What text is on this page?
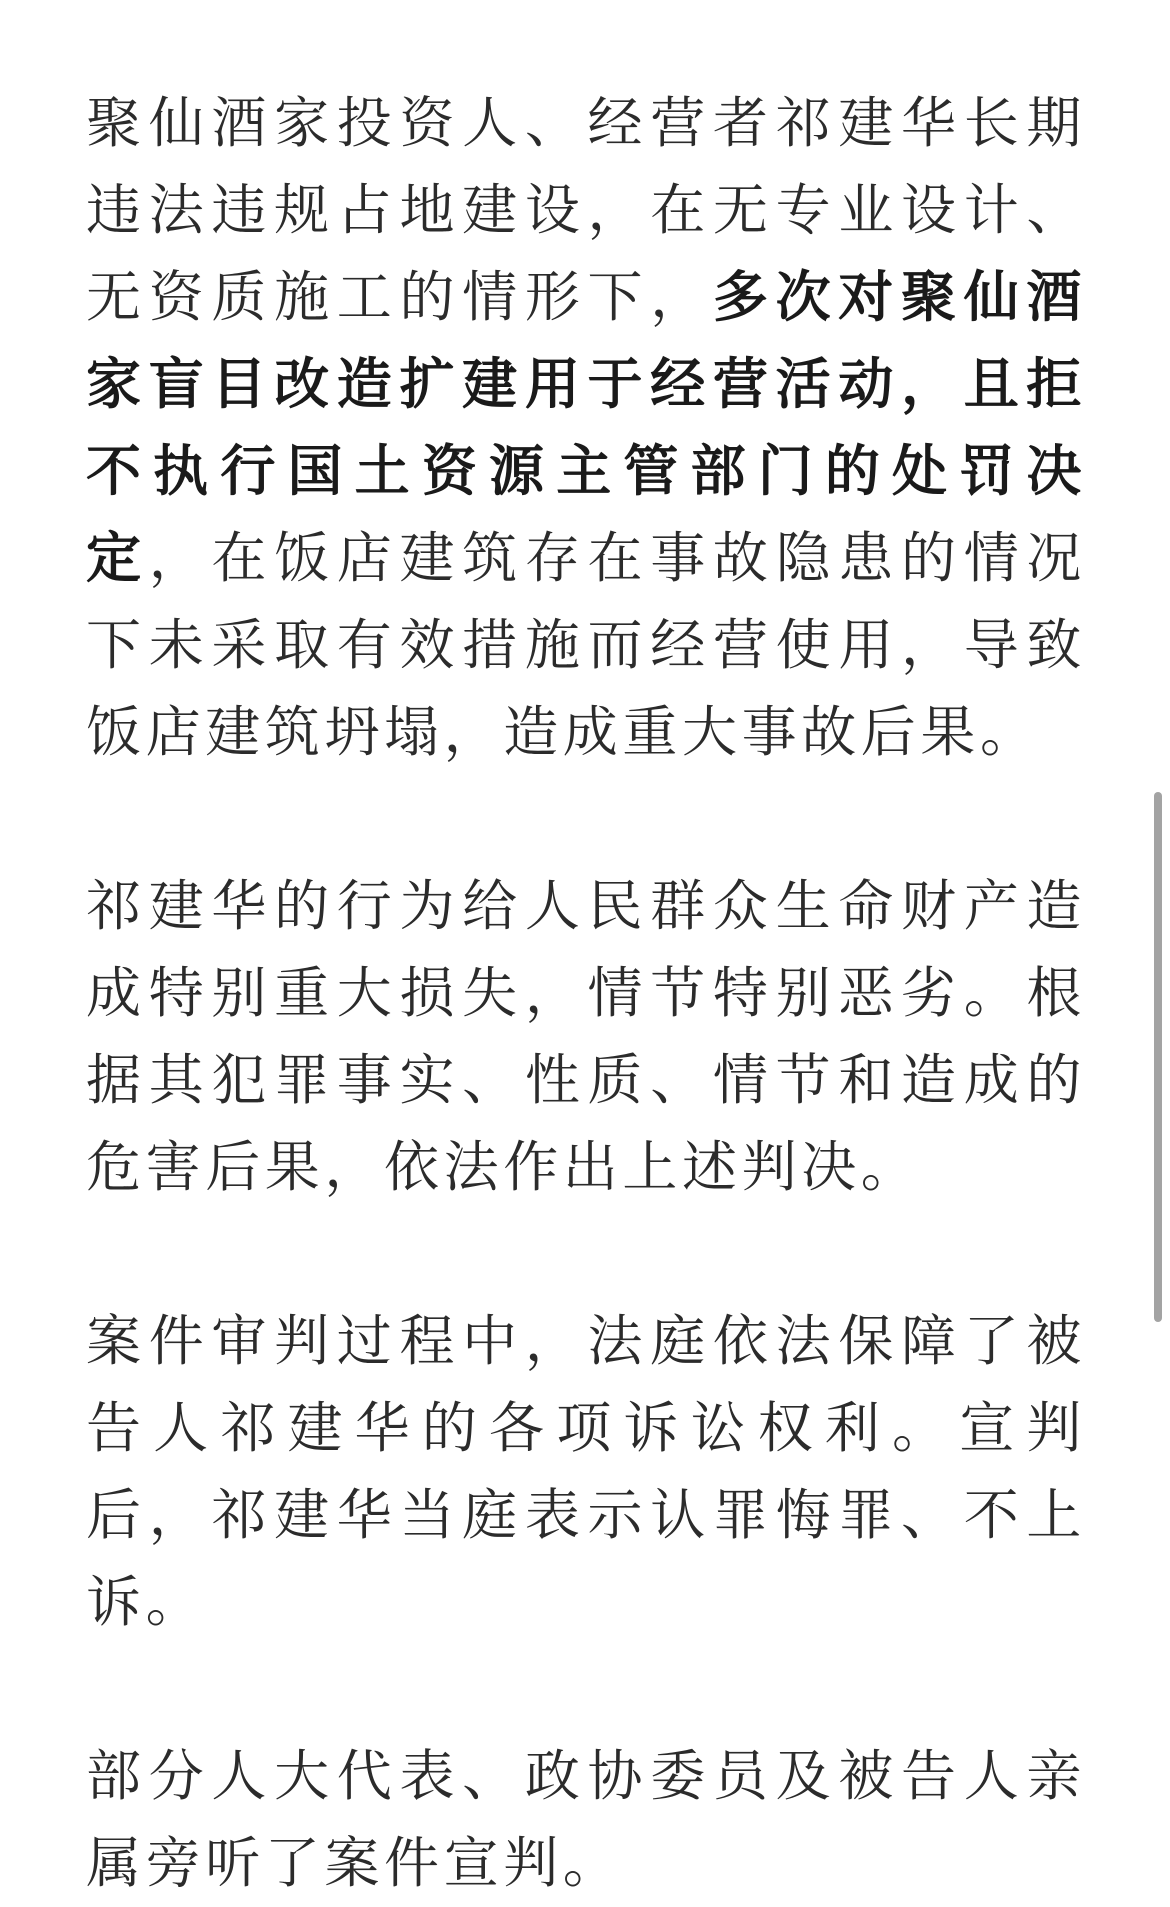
聚仙酒家投资人、经营者祁建华长期违法违规占地建设，在无专业设计、无资质施工的情形下，多次对聚仙酒家盲目改造扩建用于经营活动，且拒不执行国土资源主管部门的处罚决定，在饭店建筑存在事故隐患的情况下未采取有效措施而经营使用，导致饭店建筑坍塌，造成重大事故后果。

祁建华的行为给人民群众生命财产造成特别重大损失，情节特别恶劣。根据其犯罪事实、性质、情节和造成的危害后果，依法作出上述判决。

案件审判过程中，法庭依法保障了被告人祁建华的各项诉讼权利。宣判后，祁建华当庭表示认罪悔罪、不上诉。

部分人大代表、政协委员及被告人亲属旁听了案件宣判。
